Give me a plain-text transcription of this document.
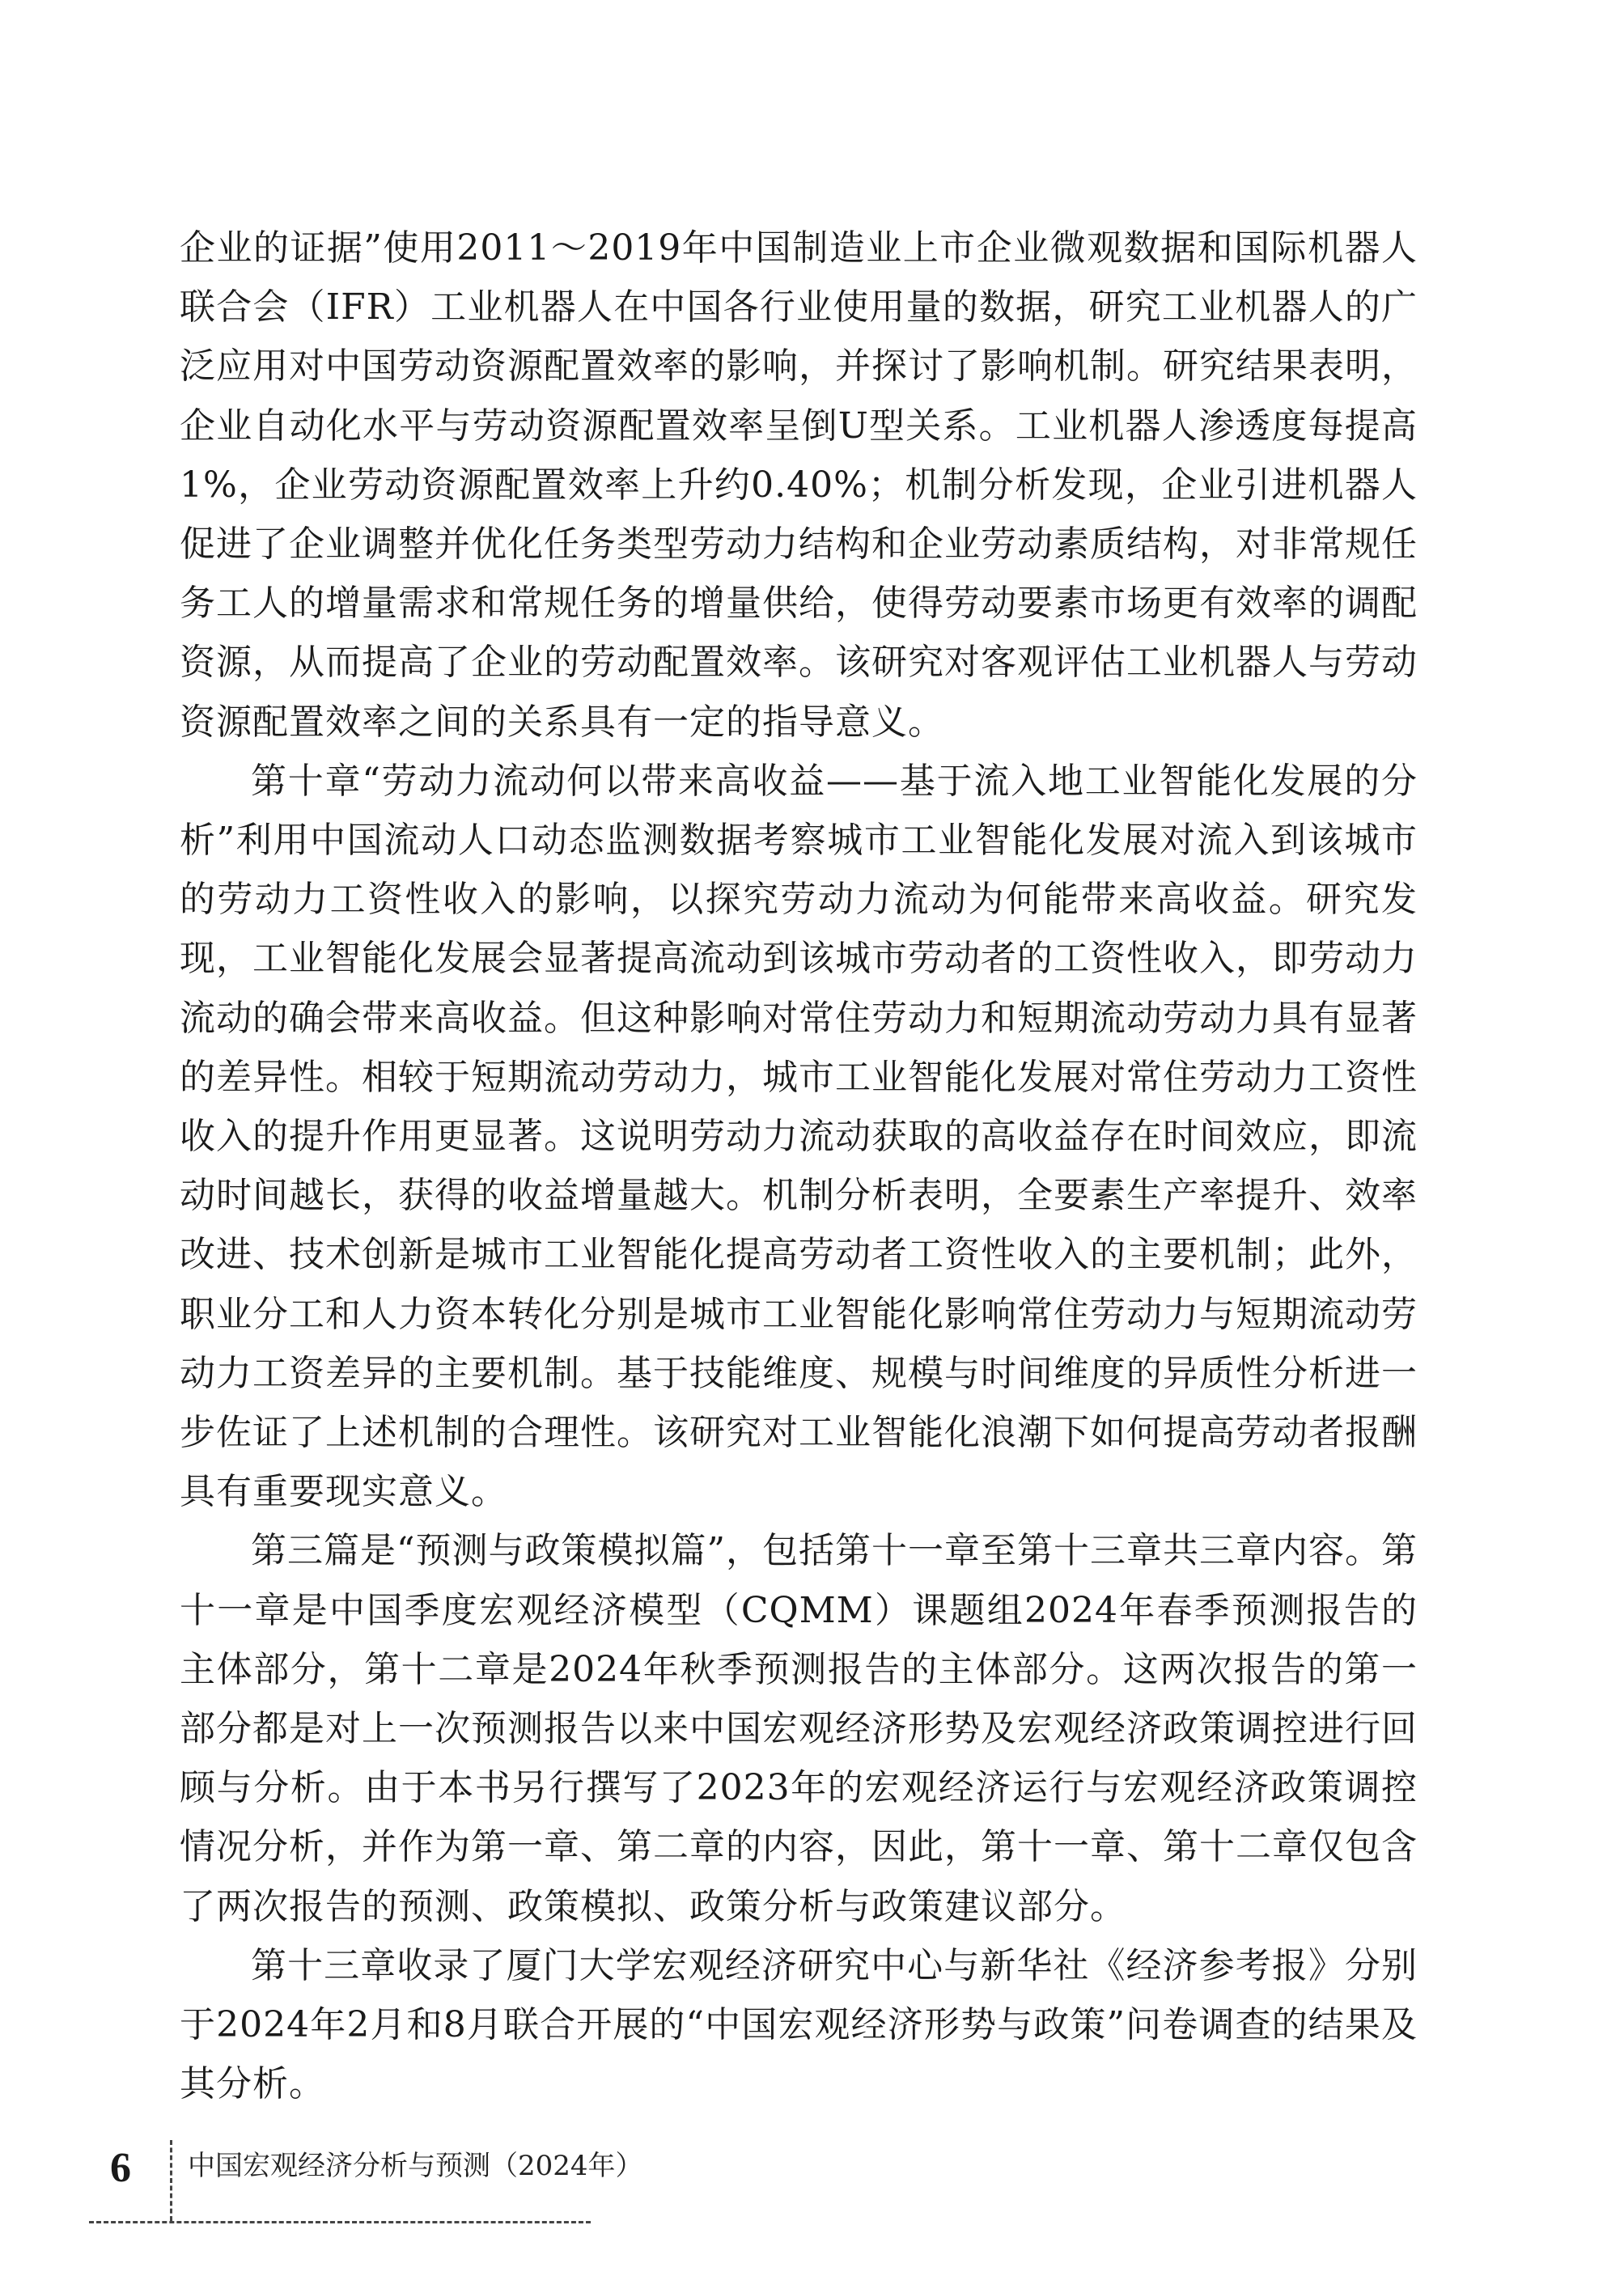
企业的证据”使用2011～2019年中国制造业上市企业微观数据和国际机器人联合会（IFR）工业机器人在中国各行业使用量的数据，研究工业机器人的广泛应用对中国劳动资源配置效率的影响，并探讨了影响机制。研究结果表明，企业自动化水平与劳动资源配置效率呈倒U型关系。工业机器人渗透度每提高1%，企业劳动资源配置效率上升约0.40%；机制分析发现，企业引进机器人促进了企业调整并优化任务类型劳动力结构和企业劳动素质结构，对非常规任务工人的增量需求和常规任务的增量供给，使得劳动要素市场更有效率的调配资源，从而提高了企业的劳动配置效率。该研究对客观评估工业机器人与劳动资源配置效率之间的关系具有一定的指导意义。

第十章“劳动力流动何以带来高收益——基于流入地工业智能化发展的分析”利用中国流动人口动态监测数据考察城市工业智能化发展对流入到该城市的劳动力工资性收入的影响，以探究劳动力流动为何能带来高收益。研究发现，工业智能化发展会显著提高流动到该城市劳动者的工资性收入，即劳动力流动的确会带来高收益。但这种影响对常住劳动力和短期流动劳动力具有显著的差异性。相较于短期流动劳动力，城市工业智能化发展对常住劳动力工资性收入的提升作用更显著。这说明劳动力流动获取的高收益存在时间效应，即流动时间越长，获得的收益增量越大。机制分析表明，全要素生产率提升、效率改进、技术创新是城市工业智能化提高劳动者工资性收入的主要机制；此外，职业分工和人力资本转化分别是城市工业智能化影响常住劳动力与短期流动劳动力工资差异的主要机制。基于技能维度、规模与时间维度的异质性分析进一步佐证了上述机制的合理性。该研究对工业智能化浪潮下如何提高劳动者报酬具有重要现实意义。

第三篇是“预测与政策模拟篇”，包括第十一章至第十三章共三章内容。第十一章是中国季度宏观经济模型（CQMM）课题组2024年春季预测报告的主体部分，第十二章是2024年秋季预测报告的主体部分。这两次报告的第一部分都是对上一次预测报告以来中国宏观经济形势及宏观经济政策调控进行回顾与分析。由于本书另行撰写了2023年的宏观经济运行与宏观经济政策调控情况分析，并作为第一章、第二章的内容，因此，第十一章、第十二章仅包含了两次报告的预测、政策模拟、政策分析与政策建议部分。

第十三章收录了厦门大学宏观经济研究中心与新华社《经济参考报》分别于2024年2月和8月联合开展的“中国宏观经济形势与政策”问卷调查的结果及其分析。

6 中国宏观经济分析与预测（2024年）
